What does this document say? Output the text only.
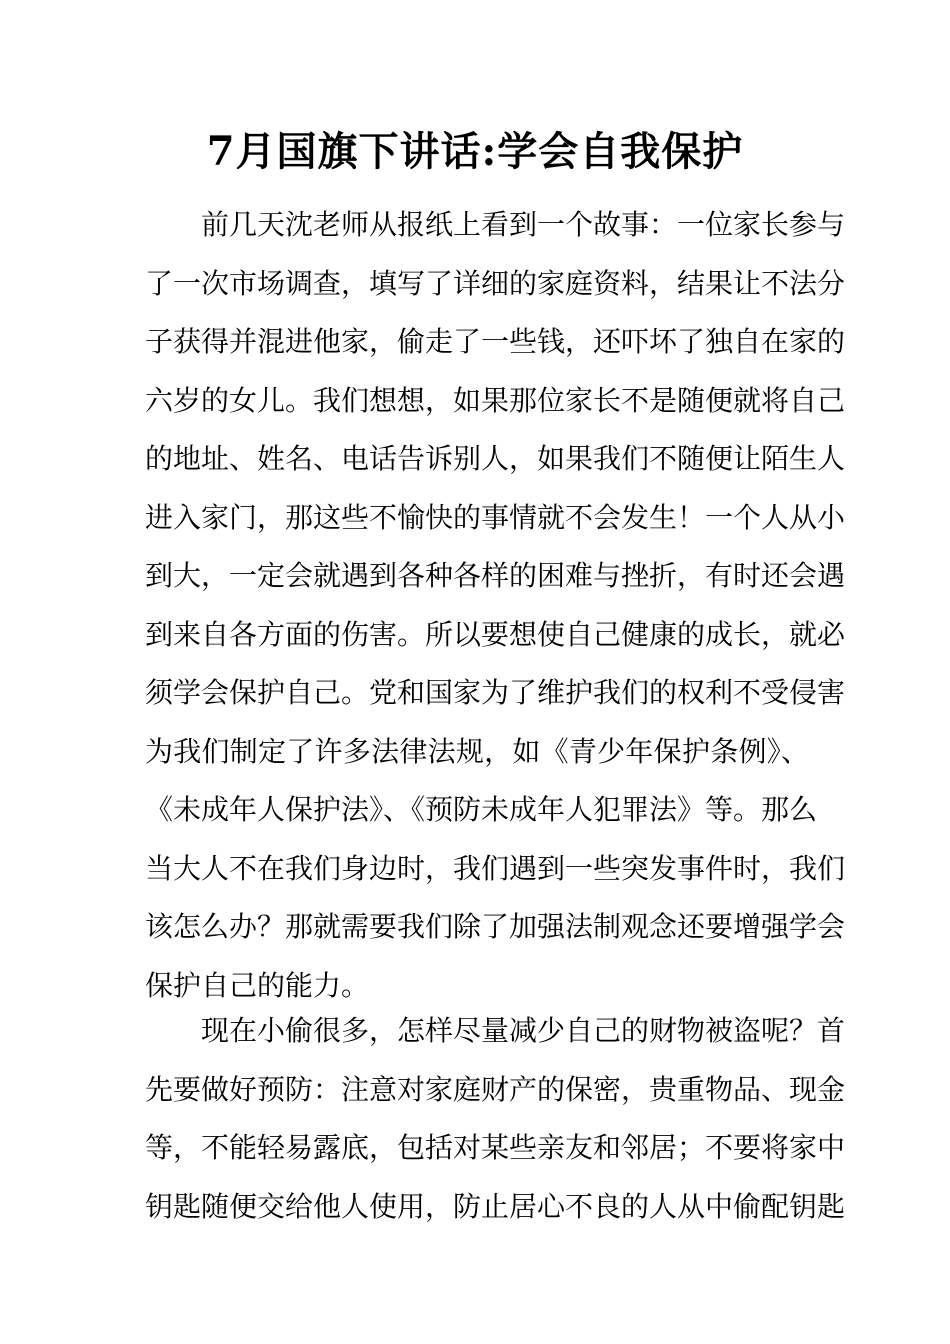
7月国旗下讲话:学会自我保护
前几天沈老师从报纸上看到一个故事：一位家长参与
了一次市场调查，填写了详细的家庭资料，结果让不法分
子获得并混进他家，偷走了一些钱，还吓坏了独自在家的
六岁的女儿。我们想想，如果那位家长不是随便就将自己
的地址、姓名、电话告诉别人，如果我们不随便让陌生人
进入家门，那这些不愉快的事情就不会发生！一个人从小
到大，一定会就遇到各种各样的困难与挫折，有时还会遇
到来自各方面的伤害。所以要想使自己健康的成长，就必
须学会保护自己。党和国家为了维护我们的权利不受侵害
为我们制定了许多法律法规，如《青少年保护条例》、
《未成年人保护法》、《预防未成年人犯罪法》等。那么
当大人不在我们身边时，我们遇到一些突发事件时，我们
该怎么办？那就需要我们除了加强法制观念还要增强学会
保护自己的能力。
现在小偷很多，怎样尽量减少自己的财物被盗呢？首
先要做好预防：注意对家庭财产的保密，贵重物品、现金
等，不能轻易露底，包括对某些亲友和邻居；不要将家中
钥匙随便交给他人使用，防止居心不良的人从中偷配钥匙
